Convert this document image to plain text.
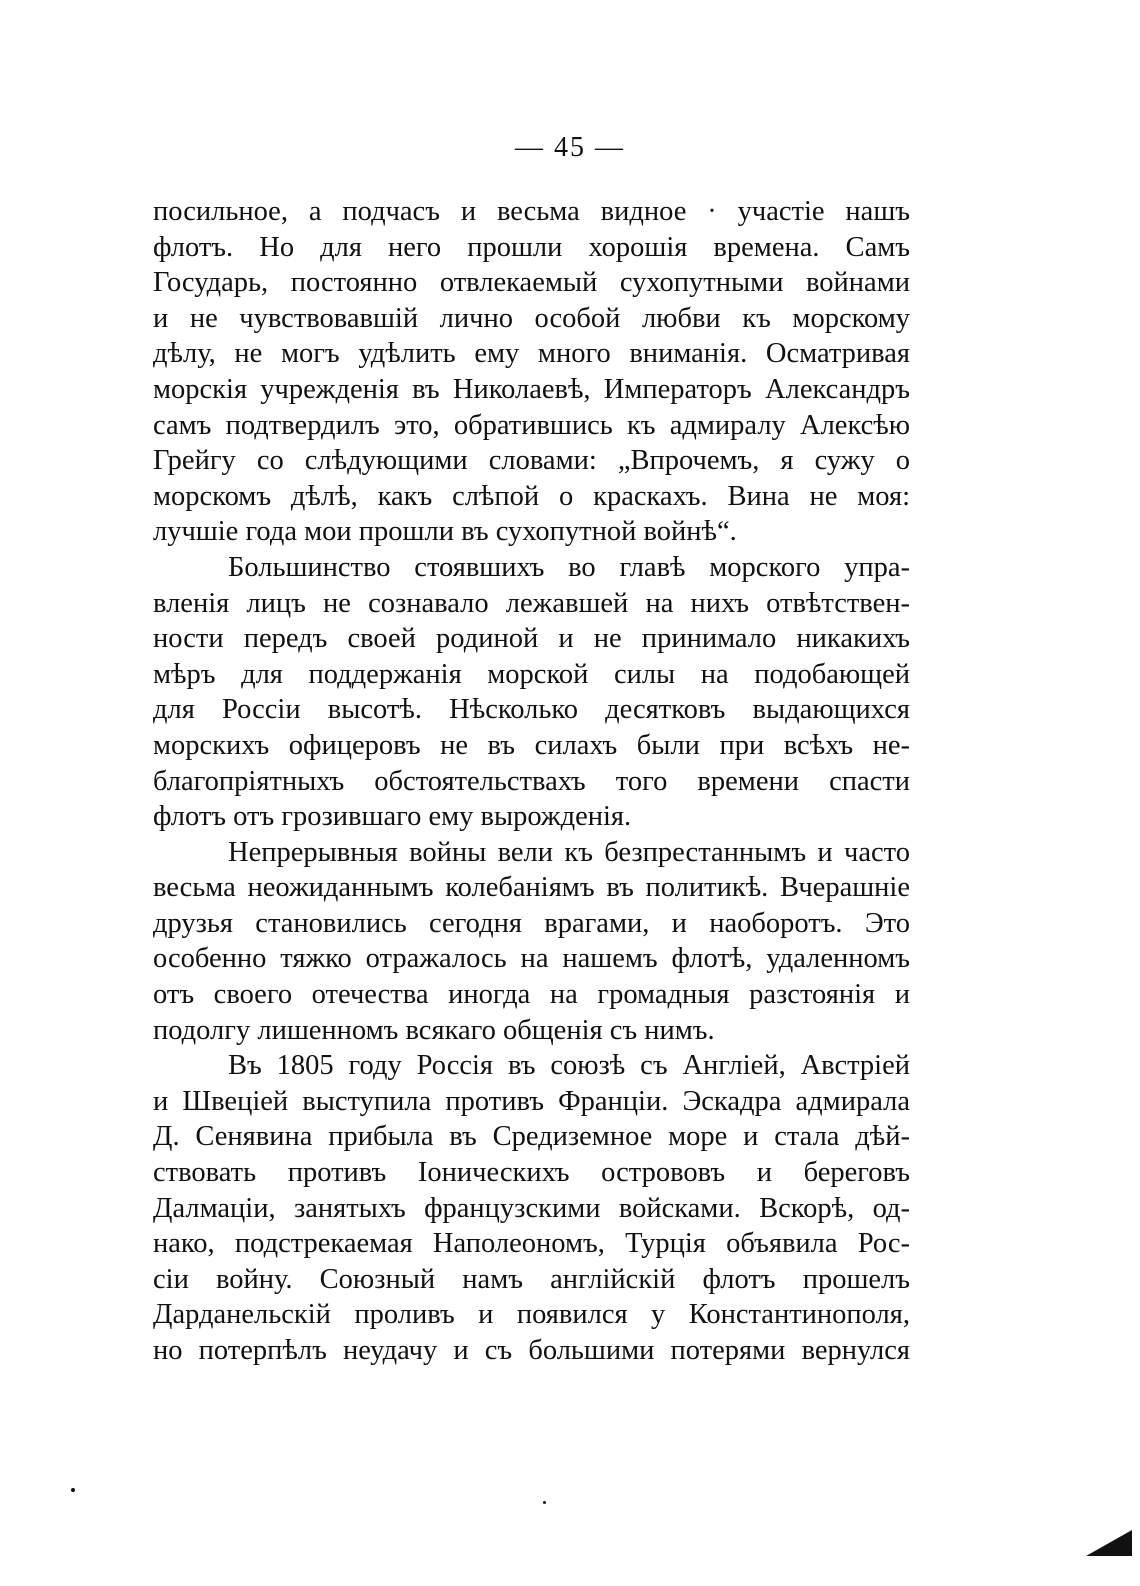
— 45 —
посильное, а подчасъ и весьма видное · участіе нашъ
флотъ. Но для него прошли хорошія времена. Самъ
Государь, постоянно отвлекаемый сухопутными войнами
и не чувствовавшій лично особой любви къ морскому
дѣлу, не могъ удѣлить ему много вниманія. Осматривая
морскія учрежденія въ Николаевѣ, Императоръ Александръ
самъ подтвердилъ это, обратившись къ адмиралу Алексѣю
Грейгу со слѣдующими словами: „Впрочемъ, я сужу о
морскомъ дѣлѣ, какъ слѣпой о краскахъ. Вина не моя:
лучшіе года мои прошли въ сухопутной войнѣ“.
Большинство стоявшихъ во главѣ морского упра-
вленія лицъ не сознавало лежавшей на нихъ отвѣтствен-
ности передъ своей родиной и не принимало никакихъ
мѣръ для поддержанія морской силы на подобающей
для Россіи высотѣ. Нѣсколько десятковъ выдающихся
морскихъ офицеровъ не въ силахъ были при всѣхъ не-
благопріятныхъ обстоятельствахъ того времени спасти
флотъ отъ грозившаго ему вырожденія.
Непрерывныя войны вели къ безпрестаннымъ и часто
весьма неожиданнымъ колебаніямъ въ политикѣ. Вчерашніе
друзья становились сегодня врагами, и наоборотъ. Это
особенно тяжко отражалось на нашемъ флотѣ, удаленномъ
отъ своего отечества иногда на громадныя разстоянія и
подолгу лишенномъ всякаго общенія съ нимъ.
Въ 1805 году Россія въ союзѣ съ Англіей, Австріей
и Швеціей выступила противъ Франціи. Эскадра адмирала
Д. Сенявина прибыла въ Средиземное море и стала дѣй-
ствовать противъ Іоническихъ острововъ и береговъ
Далмаціи, занятыхъ французскими войсками. Вскорѣ, од-
нако, подстрекаемая Наполеономъ, Турція объявила Рос-
сіи войну. Союзный намъ англійскій флотъ прошелъ
Дарданельскій проливъ и появился у Константинополя,
но потерпѣлъ неудачу и съ большими потерями вернулся
